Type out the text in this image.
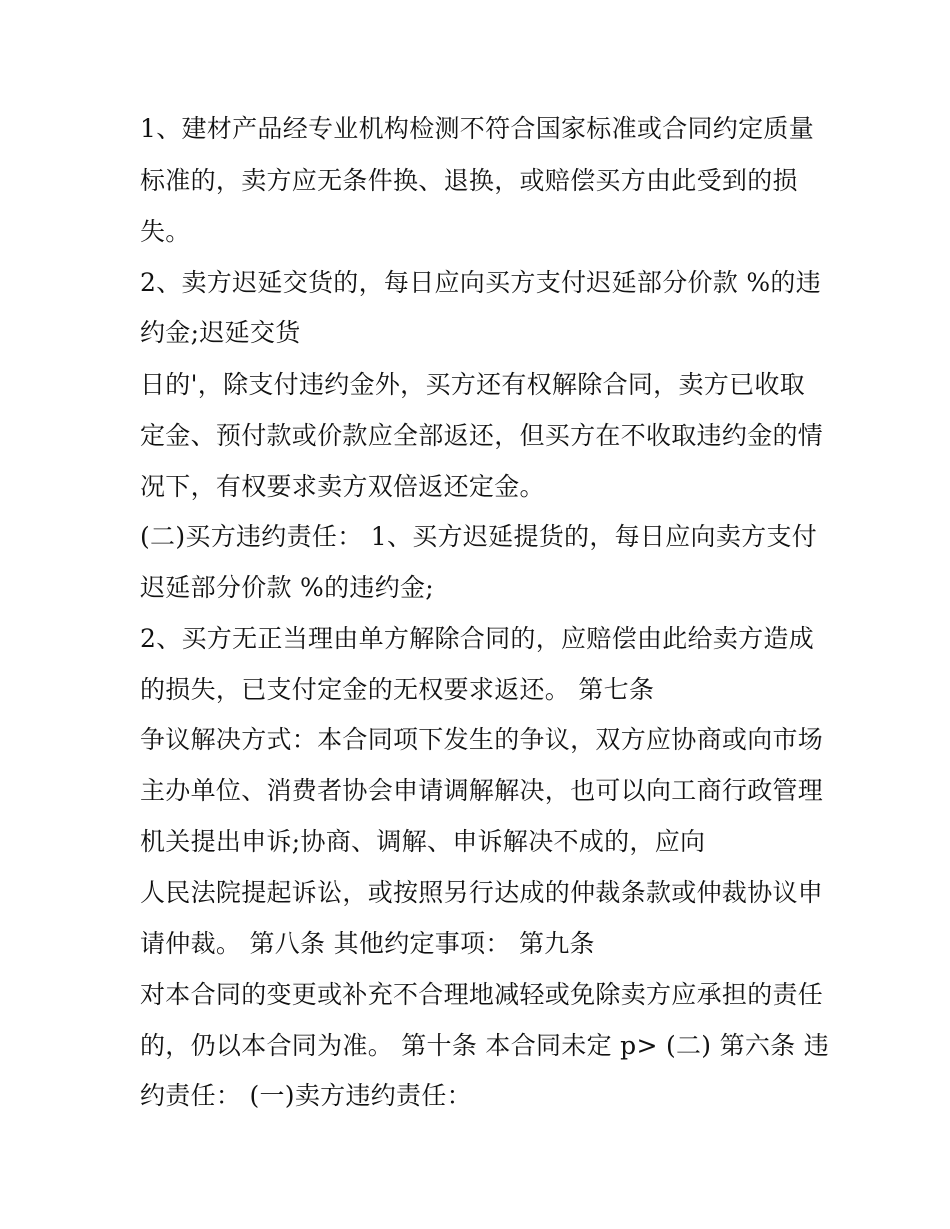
1、建材产品经专业机构检测不符合国家标准或合同约定质量
标准的，卖方应无条件换、退换，或赔偿买方由此受到的损
失。
2、卖方迟延交货的，每日应向买方支付迟延部分价款 %的违
约金;迟延交货
日的'，除支付违约金外，买方还有权解除合同，卖方已收取
定金、预付款或价款应全部返还，但买方在不收取违约金的情
况下，有权要求卖方双倍返还定金。
(二)买方违约责任： 1、买方迟延提货的，每日应向卖方支付
迟延部分价款 %的违约金;
2、买方无正当理由单方解除合同的，应赔偿由此给卖方造成
的损失，已支付定金的无权要求返还。 第七条
争议解决方式：本合同项下发生的争议，双方应协商或向市场
主办单位、消费者协会申请调解解决，也可以向工商行政管理
机关提出申诉;协商、调解、申诉解决不成的，应向
人民法院提起诉讼，或按照另行达成的仲裁条款或仲裁协议申
请仲裁。 第八条 其他约定事项： 第九条
对本合同的变更或补充不合理地减轻或免除卖方应承担的责任
的，仍以本合同为准。 第十条 本合同未定 p> (二) 第六条 违
约责任： (一)卖方违约责任：
